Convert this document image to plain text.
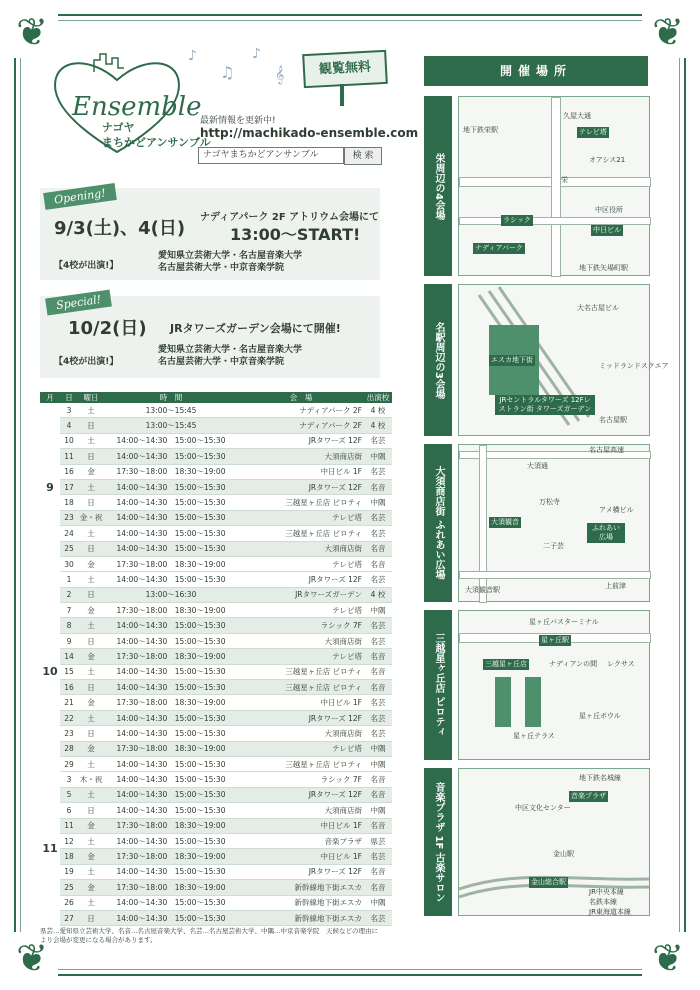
❦	❦
❦	❦
Ensemble
ナゴヤ
まちかどアンサンブル
♪
♫
♪
𝄞	観覧無料
最新情報を更新中!
http://machikado-ensemble.com
ナゴヤまちかどアンサンブル	検 索
Opening!
9/3(土)、4(日)
ナディアパーク 2F アトリウム会場にて
13:00～START!
【4校が出演!】
愛知県立芸術大学・名古屋音楽大学
名古屋芸術大学・中京音楽学院
Special!
10/2(日) JRタワーズガーデン会場にて開催!
【4校が出演!】
愛知県立芸術大学・名古屋音楽大学
名古屋芸術大学・中京音楽学院
月	日	曜日	時　間	会　場	出演校
9	3	土	13:00～15:45	ナディアパーク 2F	4 校
	4	日	13:00～15:45	ナディアパーク 2F	4 校
	10	土	14:00～14:30　15:00～15:30	JRタワーズ 12F	名芸
	11	日	14:00～14:30　15:00～15:30	大須商店街	中隅
	16	金	17:30～18:00　18:30～19:00	中日ビル 1F	名芸
	17	土	14:00～14:30　15:00～15:30	JRタワーズ 12F	名音
	18	日	14:00～14:30　15:00～15:30	三越星ヶ丘店 ビロティ	中隅
	23	金・祝	14:00～14:30　15:00～15:30	テレビ塔	名芸
	24	土	14:00～14:30　15:00～15:30	三越星ヶ丘店 ビロティ	名芸
	25	日	14:00～14:30　15:00～15:30	大須商店街	名音
	30	金	17:30～18:00　18:30～19:00	テレビ塔	名音
10	1	土	14:00～14:30　15:00～15:30	JRタワーズ 12F	名芸
	2	日	13:00～16:30	JRタワーズガーデン	4 校
	7	金	17:30～18:00　18:30～19:00	テレビ塔	中隅
	8	土	14:00～14:30　15:00～15:30	ラシック 7F	名芸
	9	日	14:00～14:30　15:00～15:30	大須商店街	名芸
	14	金	17:30～18:00　18:30～19:00	テレビ塔	名音
	15	土	14:00～14:30　15:00～15:30	三越星ヶ丘店 ビロティ	名音
	16	日	14:00～14:30　15:00～15:30	三越星ヶ丘店 ビロティ	名音
	21	金	17:30～18:00　18:30～19:00	中日ビル 1F	名芸
	22	土	14:00～14:30　15:00～15:30	JRタワーズ 12F	名芸
	23	日	14:00～14:30　15:00～15:30	大須商店街	名芸
	28	金	17:30～18:00　18:30～19:00	テレビ塔	中隅
	29	土	14:00～14:30　15:00～15:30	三越星ヶ丘店 ビロティ	中隅
11	3	木・祝	14:00～14:30　15:00～15:30	ラシック 7F	名音
	5	土	14:00～14:30　15:00～15:30	JRタワーズ 12F	名音
	6	日	14:00～14:30　15:00～15:30	大須商店街	中隅
	11	金	17:30～18:00　18:30～19:00	中日ビル 1F	名音
	12	土	14:00～14:30　15:00～15:30	音楽プラザ	県芸
	18	金	17:30～18:00　18:30～19:00	中日ビル 1F	名芸
	19	土	14:00～14:30　15:00～15:30	JRタワーズ 12F	名音
	25	金	17:30～18:00　18:30～19:00	新幹線地下街エスカ	名音
	26	土	14:00～14:30　15:00～15:30	新幹線地下街エスカ	中隅
	27	日	14:00～14:30　15:00～15:30	新幹線地下街エスカ	名芸
県芸…愛知県立芸術大学、名音…名古屋音楽大学、名芸…名古屋芸術大学、中隅…中京音楽学院　天候などの理由により会場が変更になる場合があります。
開催場所
栄周辺の4会場
テレビ塔
中日ビル
ラシック
ナディアパーク
オアシス21
中区役所
栄
久屋大通
地下鉄栄駅
地下鉄矢場町駅
名駅周辺の3会場	エスカ地下街
JRセントラルタワーズ 12Fレストラン街 タワーズガーデン
大名古屋ビル
ミッドランドスクエア
名古屋駅
大須商店街 ふれあい広場	ふれあい広場
大須観音
名古屋高速
大須通
アメ横ビル
万松寺
二子芸
上前津
大須観音駅
三越星ヶ丘店 ピロティ
星ヶ丘バスターミナル
星ヶ丘駅
三越星ヶ丘店	ナディアンの間 レクサス
星ヶ丘テラス
星ヶ丘ボウル
音楽プラザ 1F 古楽サロン	音楽プラザ
中区文化センター
金山総合駅
金山駅
地下鉄名城線
JR中央本線
名鉄本線
JR東海道本線
